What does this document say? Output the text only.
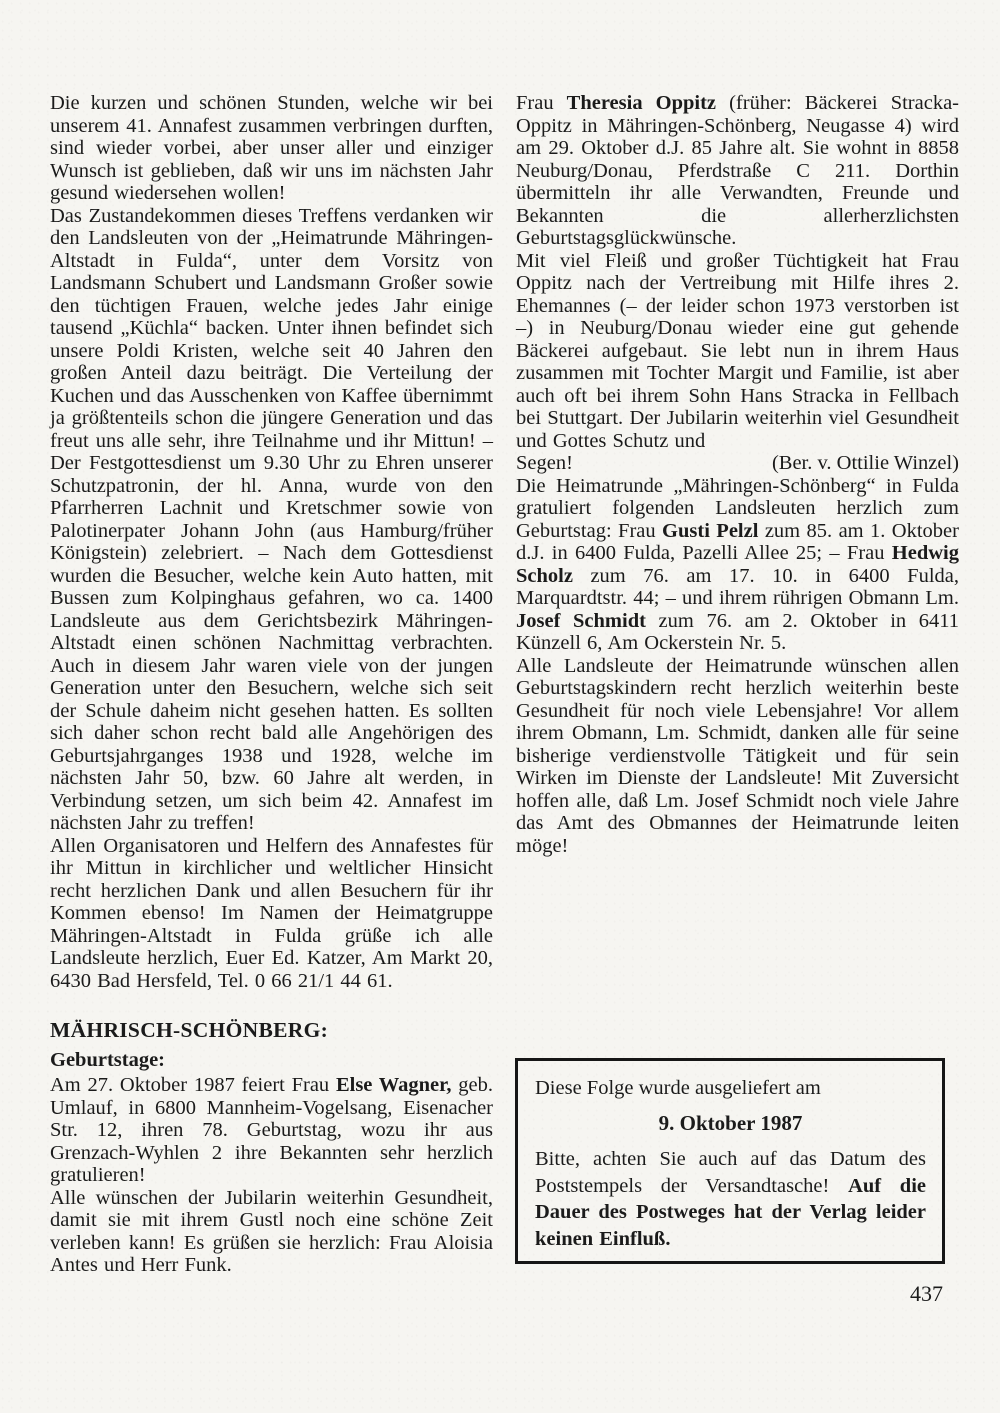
Die kurzen und schönen Stunden, welche wir bei unserem 41. Annafest zusammen verbringen durften, sind wieder vorbei, aber unser aller und einziger Wunsch ist geblieben, daß wir uns im nächsten Jahr gesund wiedersehen wollen!

Das Zustandekommen dieses Treffens verdanken wir den Landsleuten von der „Heimatrunde Mähringen-Altstadt in Fulda“, unter dem Vorsitz von Landsmann Schubert und Landsmann Großer sowie den tüchtigen Frauen, welche jedes Jahr einige tausend „Küchla“ backen. Unter ihnen befindet sich unsere Poldi Kristen, welche seit 40 Jahren den großen Anteil dazu beiträgt. Die Verteilung der Kuchen und das Ausschenken von Kaffee übernimmt ja größtenteils schon die jüngere Generation und das freut uns alle sehr, ihre Teilnahme und ihr Mittun! – Der Festgottesdienst um 9.30 Uhr zu Ehren unserer Schutzpatronin, der hl. Anna, wurde von den Pfarrherren Lachnit und Kretschmer sowie von Palotinerpater Johann John (aus Hamburg/früher Königstein) zelebriert. – Nach dem Gottesdienst wurden die Besucher, welche kein Auto hatten, mit Bussen zum Kolpinghaus gefahren, wo ca. 1400 Landsleute aus dem Gerichtsbezirk Mähringen-Altstadt einen schönen Nachmittag verbrachten. Auch in diesem Jahr waren viele von der jungen Generation unter den Besuchern, welche sich seit der Schule daheim nicht gesehen hatten. Es sollten sich daher schon recht bald alle Angehörigen des Geburtsjahrganges 1938 und 1928, welche im nächsten Jahr 50, bzw. 60 Jahre alt werden, in Verbindung setzen, um sich beim 42. Annafest im nächsten Jahr zu treffen!

Allen Organisatoren und Helfern des Annafestes für ihr Mittun in kirchlicher und weltlicher Hinsicht recht herzlichen Dank und allen Besuchern für ihr Kommen ebenso! Im Namen der Heimatgruppe Mähringen-Altstadt in Fulda grüße ich alle Landsleute herzlich, Euer Ed. Katzer, Am Markt 20, 6430 Bad Hersfeld, Tel. 0 66 21/1 44 61.

MÄHRISCH-SCHÖNBERG:
Geburtstage:

Am 27. Oktober 1987 feiert Frau Else Wagner, geb. Umlauf, in 6800 Mannheim-Vogelsang, Eisenacher Str. 12, ihren 78. Geburtstag, wozu ihr aus Grenzach-Wyhlen 2 ihre Bekannten sehr herzlich gratulieren!

Alle wünschen der Jubilarin weiterhin Gesundheit, damit sie mit ihrem Gustl noch eine schöne Zeit verleben kann! Es grüßen sie herzlich: Frau Aloisia Antes und Herr Funk.

Frau Theresia Oppitz (früher: Bäckerei Stracka-Oppitz in Mähringen-Schönberg, Neugasse 4) wird am 29. Oktober d.J. 85 Jahre alt. Sie wohnt in 8858 Neuburg/Donau, Pferdstraße C 211. Dorthin übermitteln ihr alle Verwandten, Freunde und Bekannten die allerherzlichsten Geburtstagsglückwünsche.

Mit viel Fleiß und großer Tüchtigkeit hat Frau Oppitz nach der Vertreibung mit Hilfe ihres 2. Ehemannes (– der leider schon 1973 verstorben ist –) in Neuburg/Donau wieder eine gut gehende Bäckerei aufgebaut. Sie lebt nun in ihrem Haus zusammen mit Tochter Margit und Familie, ist aber auch oft bei ihrem Sohn Hans Stracka in Fellbach bei Stuttgart. Der Jubilarin weiterhin viel Gesundheit und Gottes Schutz und

Segen!	(Ber. v. Ottilie Winzel)

Die Heimatrunde „Mähringen-Schönberg“ in Fulda gratuliert folgenden Landsleuten herzlich zum Geburtstag: Frau Gusti Pelzl zum 85. am 1. Oktober d.J. in 6400 Fulda, Pazelli Allee 25; – Frau Hedwig Scholz zum 76. am 17. 10. in 6400 Fulda, Marquardtstr. 44; – und ihrem rührigen Obmann Lm. Josef Schmidt zum 76. am 2. Oktober in 6411 Künzell 6, Am Ockerstein Nr. 5.

Alle Landsleute der Heimatrunde wünschen allen Geburtstagskindern recht herzlich weiterhin beste Gesundheit für noch viele Lebensjahre! Vor allem ihrem Obmann, Lm. Schmidt, danken alle für seine bisherige verdienstvolle Tätigkeit und für sein Wirken im Dienste der Landsleute! Mit Zuversicht hoffen alle, daß Lm. Josef Schmidt noch viele Jahre das Amt des Obmannes der Heimatrunde leiten möge!

Diese Folge wurde ausgeliefert am

9. Oktober 1987

Bitte, achten Sie auch auf das Datum des Poststempels der Versandtasche! Auf die Dauer des Postweges hat der Verlag leider keinen Einfluß.

437
